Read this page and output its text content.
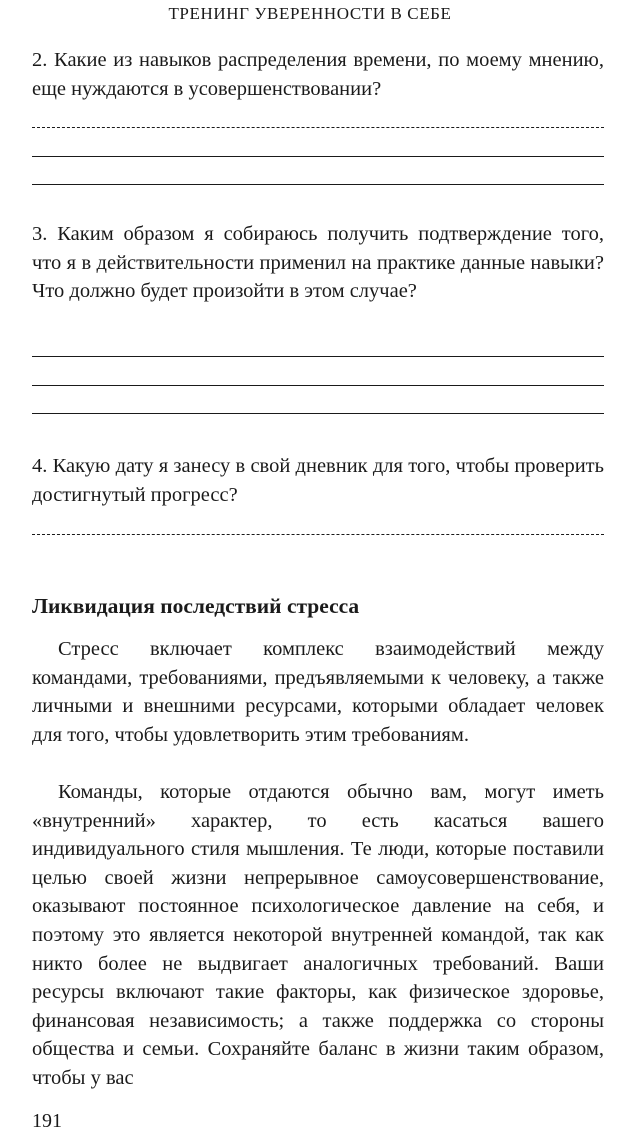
ТРЕНИНГ УВЕРЕННОСТИ В СЕБЕ
2. Какие из навыков распределения времени, по моему мнению, еще нуждаются в усовершенствовании?
3. Каким образом я собираюсь получить подтверждение того, что я в действительности применил на практике данные навыки? Что должно будет произойти в этом случае?
4. Какую дату я занесу в свой дневник для того, чтобы проверить достигнутый прогресс?
Ликвидация последствий стресса
Стресс включает комплекс взаимодействий между командами, требованиями, предъявляемыми к человеку, а также личными и внешними ресурсами, которыми обладает человек для того, чтобы удовлетворить этим требованиям.
Команды, которые отдаются обычно вам, могут иметь «внутренний» характер, то есть касаться вашего индивидуального стиля мышления. Те люди, которые поставили целью своей жизни непрерывное самоусовершенствование, оказывают постоянное психологическое давление на себя, и поэтому это является некоторой внутренней командой, так как никто более не выдвигает аналогичных требований. Ваши ресурсы включают такие факторы, как физическое здоровье, финансовая независимость; а также поддержка со стороны общества и семьи. Сохраняйте баланс в жизни таким образом, чтобы у вас
191
